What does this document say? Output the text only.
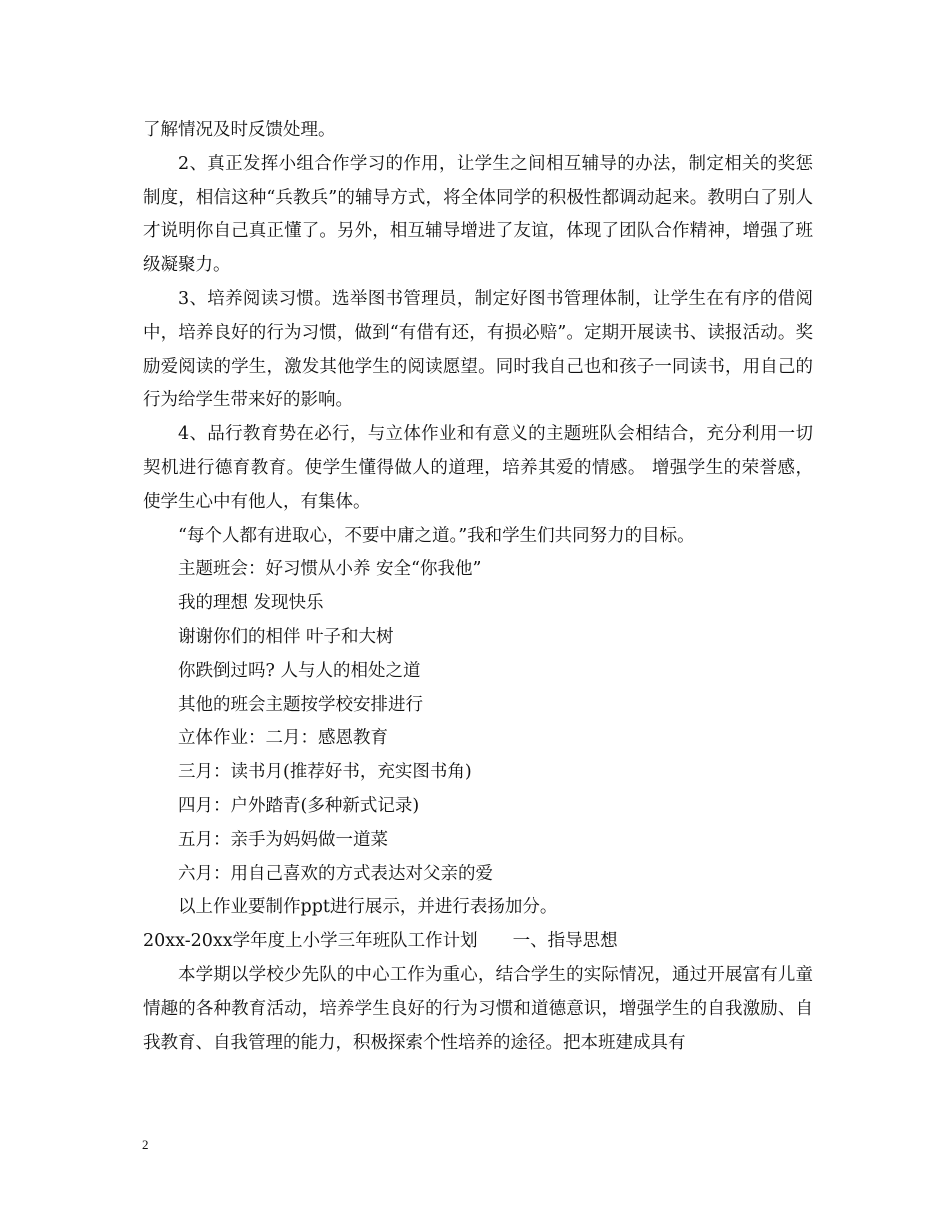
了解情况及时反馈处理。

2、真正发挥小组合作学习的作用，让学生之间相互辅导的办法，制定相关的奖惩制度，相信这种“兵教兵”的辅导方式，将全体同学的积极性都调动起来。教明白了别人才说明你自己真正懂了。另外，相互辅导增进了友谊，体现了团队合作精神，增强了班级凝聚力。

3、培养阅读习惯。选举图书管理员，制定好图书管理体制，让学生在有序的借阅中，培养良好的行为习惯，做到“有借有还，有损必赔”。定期开展读书、读报活动。奖励爱阅读的学生，激发其他学生的阅读愿望。同时我自己也和孩子一同读书，用自己的行为给学生带来好的影响。

4、品行教育势在必行，与立体作业和有意义的主题班队会相结合，充分利用一切契机进行德育教育。使学生懂得做人的道理，培养其爱的情感。 增强学生的荣誉感，使学生心中有他人，有集体。

“每个人都有进取心，不要中庸之道。”我和学生们共同努力的目标。

主题班会：好习惯从小养 安全“你我他”

我的理想 发现快乐

谢谢你们的相伴 叶子和大树

你跌倒过吗? 人与人的相处之道

其他的班会主题按学校安排进行

立体作业：二月：感恩教育

三月：读书月(推荐好书，充实图书角)

四月：户外踏青(多种新式记录)

五月：亲手为妈妈做一道菜

六月：用自己喜欢的方式表达对父亲的爱

以上作业要制作ppt进行展示，并进行表扬加分。

20xx-20xx学年度上小学三年班队工作计划　　一、指导思想

本学期以学校少先队的中心工作为重心，结合学生的实际情况，通过开展富有儿童情趣的各种教育活动，培养学生良好的行为习惯和道德意识，增强学生的自我激励、自我教育、自我管理的能力，积极探索个性培养的途径。把本班建成具有

2
